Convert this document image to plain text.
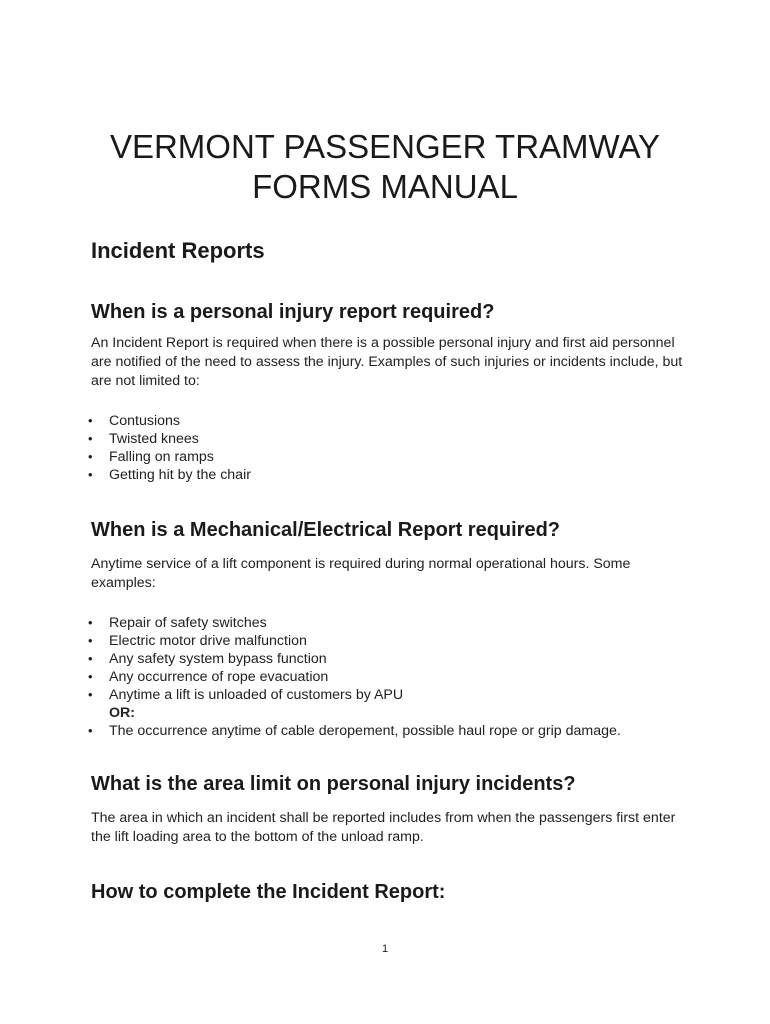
VERMONT PASSENGER TRAMWAY
FORMS MANUAL
Incident Reports
When is a personal injury report required?

An Incident Report is required when there is a possible personal injury and first aid personnel are notified of the need to assess the injury. Examples of such injuries or incidents include, but are not limited to:

• Contusions
• Twisted knees
• Falling on ramps
• Getting hit by the chair
When is a Mechanical/Electrical Report required?

Anytime service of a lift component is required during normal operational hours. Some examples:

• Repair of safety switches
• Electric motor drive malfunction
• Any safety system bypass function
• Any occurrence of rope evacuation
• Anytime a lift is unloaded of customers by APU
OR:
• The occurrence anytime of cable deropement, possible haul rope or grip damage.
What is the area limit on personal injury incidents?

The area in which an incident shall be reported includes from when the passengers first enter the lift loading area to the bottom of the unload ramp.

How to complete the Incident Report:
1
